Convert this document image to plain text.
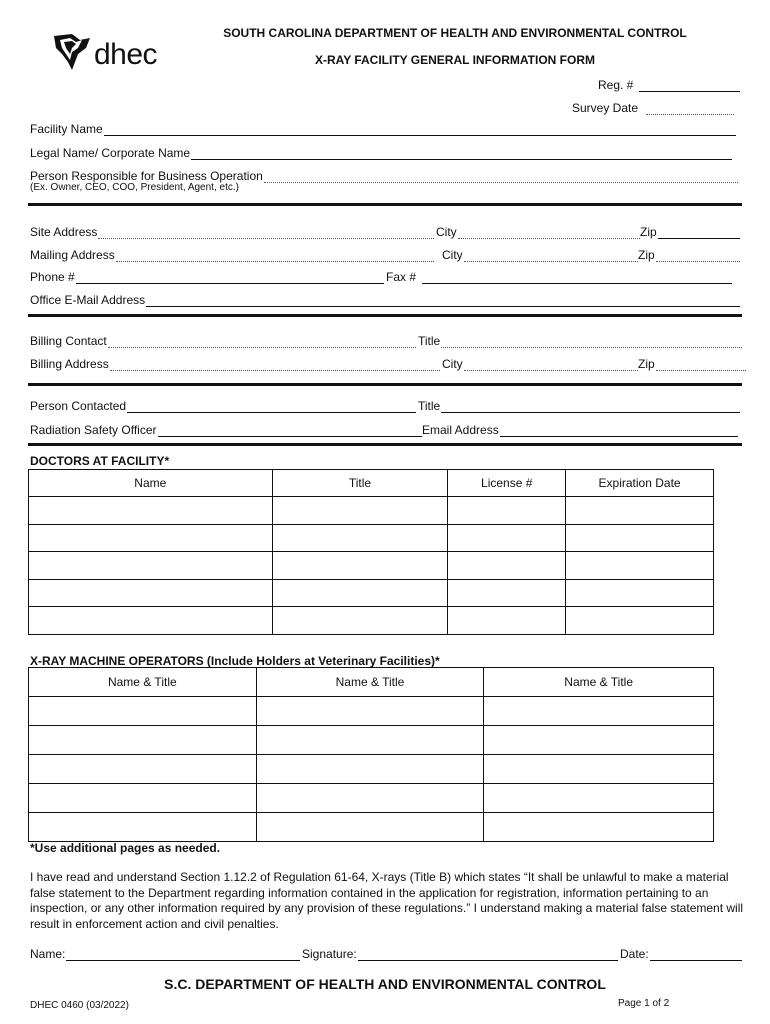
dhec
SOUTH CAROLINA DEPARTMENT OF HEALTH AND ENVIRONMENTAL CONTROL
X-RAY FACILITY GENERAL INFORMATION FORM
Reg. #
Survey Date
Facility Name
Legal Name/ Corporate Name
Person Responsible for Business Operation
(Ex. Owner, CEO, COO, President, Agent, etc.)
Site Address	City	Zip
Mailing Address	City	Zip
Phone #	Fax #
Office E-Mail Address
Billing Contact	Title
Billing Address	City	Zip
Person Contacted	Title
Radiation Safety Officer	Email Address
DOCTORS AT FACILITY*
Name	Title	License #	Expiration Date

X-RAY MACHINE OPERATORS (Include Holders at Veterinary Facilities)*
Name & Title	Name & Title	Name & Title

*Use additional pages as needed.
I have read and understand Section 1.12.2 of Regulation 61-64, X-rays (Title B) which states “It shall be unlawful to make a material false statement to the Department regarding information contained in the application for registration, information pertaining to an inspection, or any other information required by any provision of these regulations.” I understand making a material false statement will result in enforcement action and civil penalties.
Name:	Signature:	Date:
S.C. DEPARTMENT OF HEALTH AND ENVIRONMENTAL CONTROL
DHEC 0460 (03/2022)	Page 1 of 2
